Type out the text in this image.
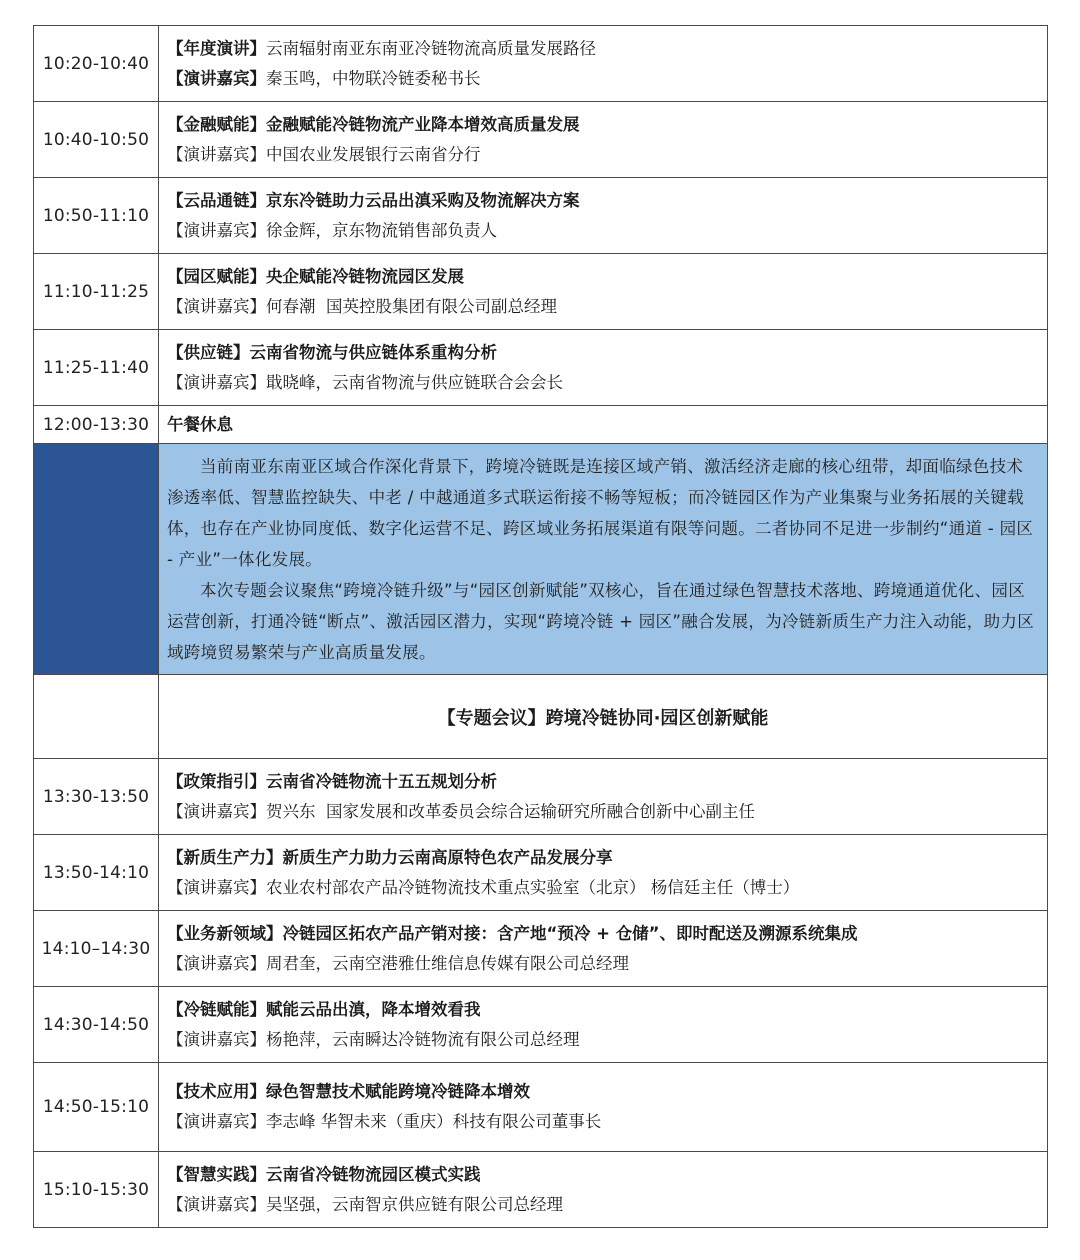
10:20-10:40	【年度演讲】云南辐射南亚东南亚冷链物流高质量发展路径
【演讲嘉宾】秦玉鸣，中物联冷链委秘书长

10:40-10:50	【金融赋能】金融赋能冷链物流产业降本增效高质量发展
【演讲嘉宾】中国农业发展银行云南省分行

10:50-11:10	【云品通链】京东冷链助力云品出滇采购及物流解决方案
【演讲嘉宾】徐金辉，京东物流销售部负责人

11:10-11:25	【园区赋能】央企赋能冷链物流园区发展
【演讲嘉宾】何春潮  国英控股集团有限公司副总经理

11:25-11:40	【供应链】云南省物流与供应链体系重构分析
【演讲嘉宾】戢晓峰，云南省物流与供应链联合会会长

12:00-13:30	午餐休息

	当前南亚东南亚区域合作深化背景下，跨境冷链既是连接区域产销、激活经济走廊的核心纽带，却面临绿色技术渗透率低、智慧监控缺失、中老 / 中越通道多式联运衔接不畅等短板；而冷链园区作为产业集聚与业务拓展的关键载体，也存在产业协同度低、数字化运营不足、跨区域业务拓展渠道有限等问题。二者协同不足进一步制约“通道 - 园区 - 产业”一体化发展。

本次专题会议聚焦“跨境冷链升级”与“园区创新赋能”双核心，旨在通过绿色智慧技术落地、跨境通道优化、园区运营创新，打通冷链“断点”、激活园区潜力，实现“跨境冷链 + 园区”融合发展，为冷链新质生产力注入动能，助力区域跨境贸易繁荣与产业高质量发展。

	【专题会议】跨境冷链协同·园区创新赋能
13:30-13:50	【政策指引】云南省冷链物流十五五规划分析
【演讲嘉宾】贺兴东  国家发展和改革委员会综合运输研究所融合创新中心副主任

13:50-14:10	【新质生产力】新质生产力助力云南高原特色农产品发展分享
【演讲嘉宾】农业农村部农产品冷链物流技术重点实验室（北京） 杨信廷主任（博士）

14:10–14:30	【业务新领域】冷链园区拓农产品产销对接：含产地“预冷 + 仓储”、即时配送及溯源系统集成
【演讲嘉宾】周君奎，云南空港雅仕维信息传媒有限公司总经理

14:30-14:50	【冷链赋能】赋能云品出滇，降本增效看我
【演讲嘉宾】杨艳萍，云南瞬达冷链物流有限公司总经理

14:50-15:10	【技术应用】绿色智慧技术赋能跨境冷链降本增效
【演讲嘉宾】李志峰 华智未来（重庆）科技有限公司董事长

15:10-15:30	【智慧实践】云南省冷链物流园区模式实践
【演讲嘉宾】吴坚强，云南智京供应链有限公司总经理
